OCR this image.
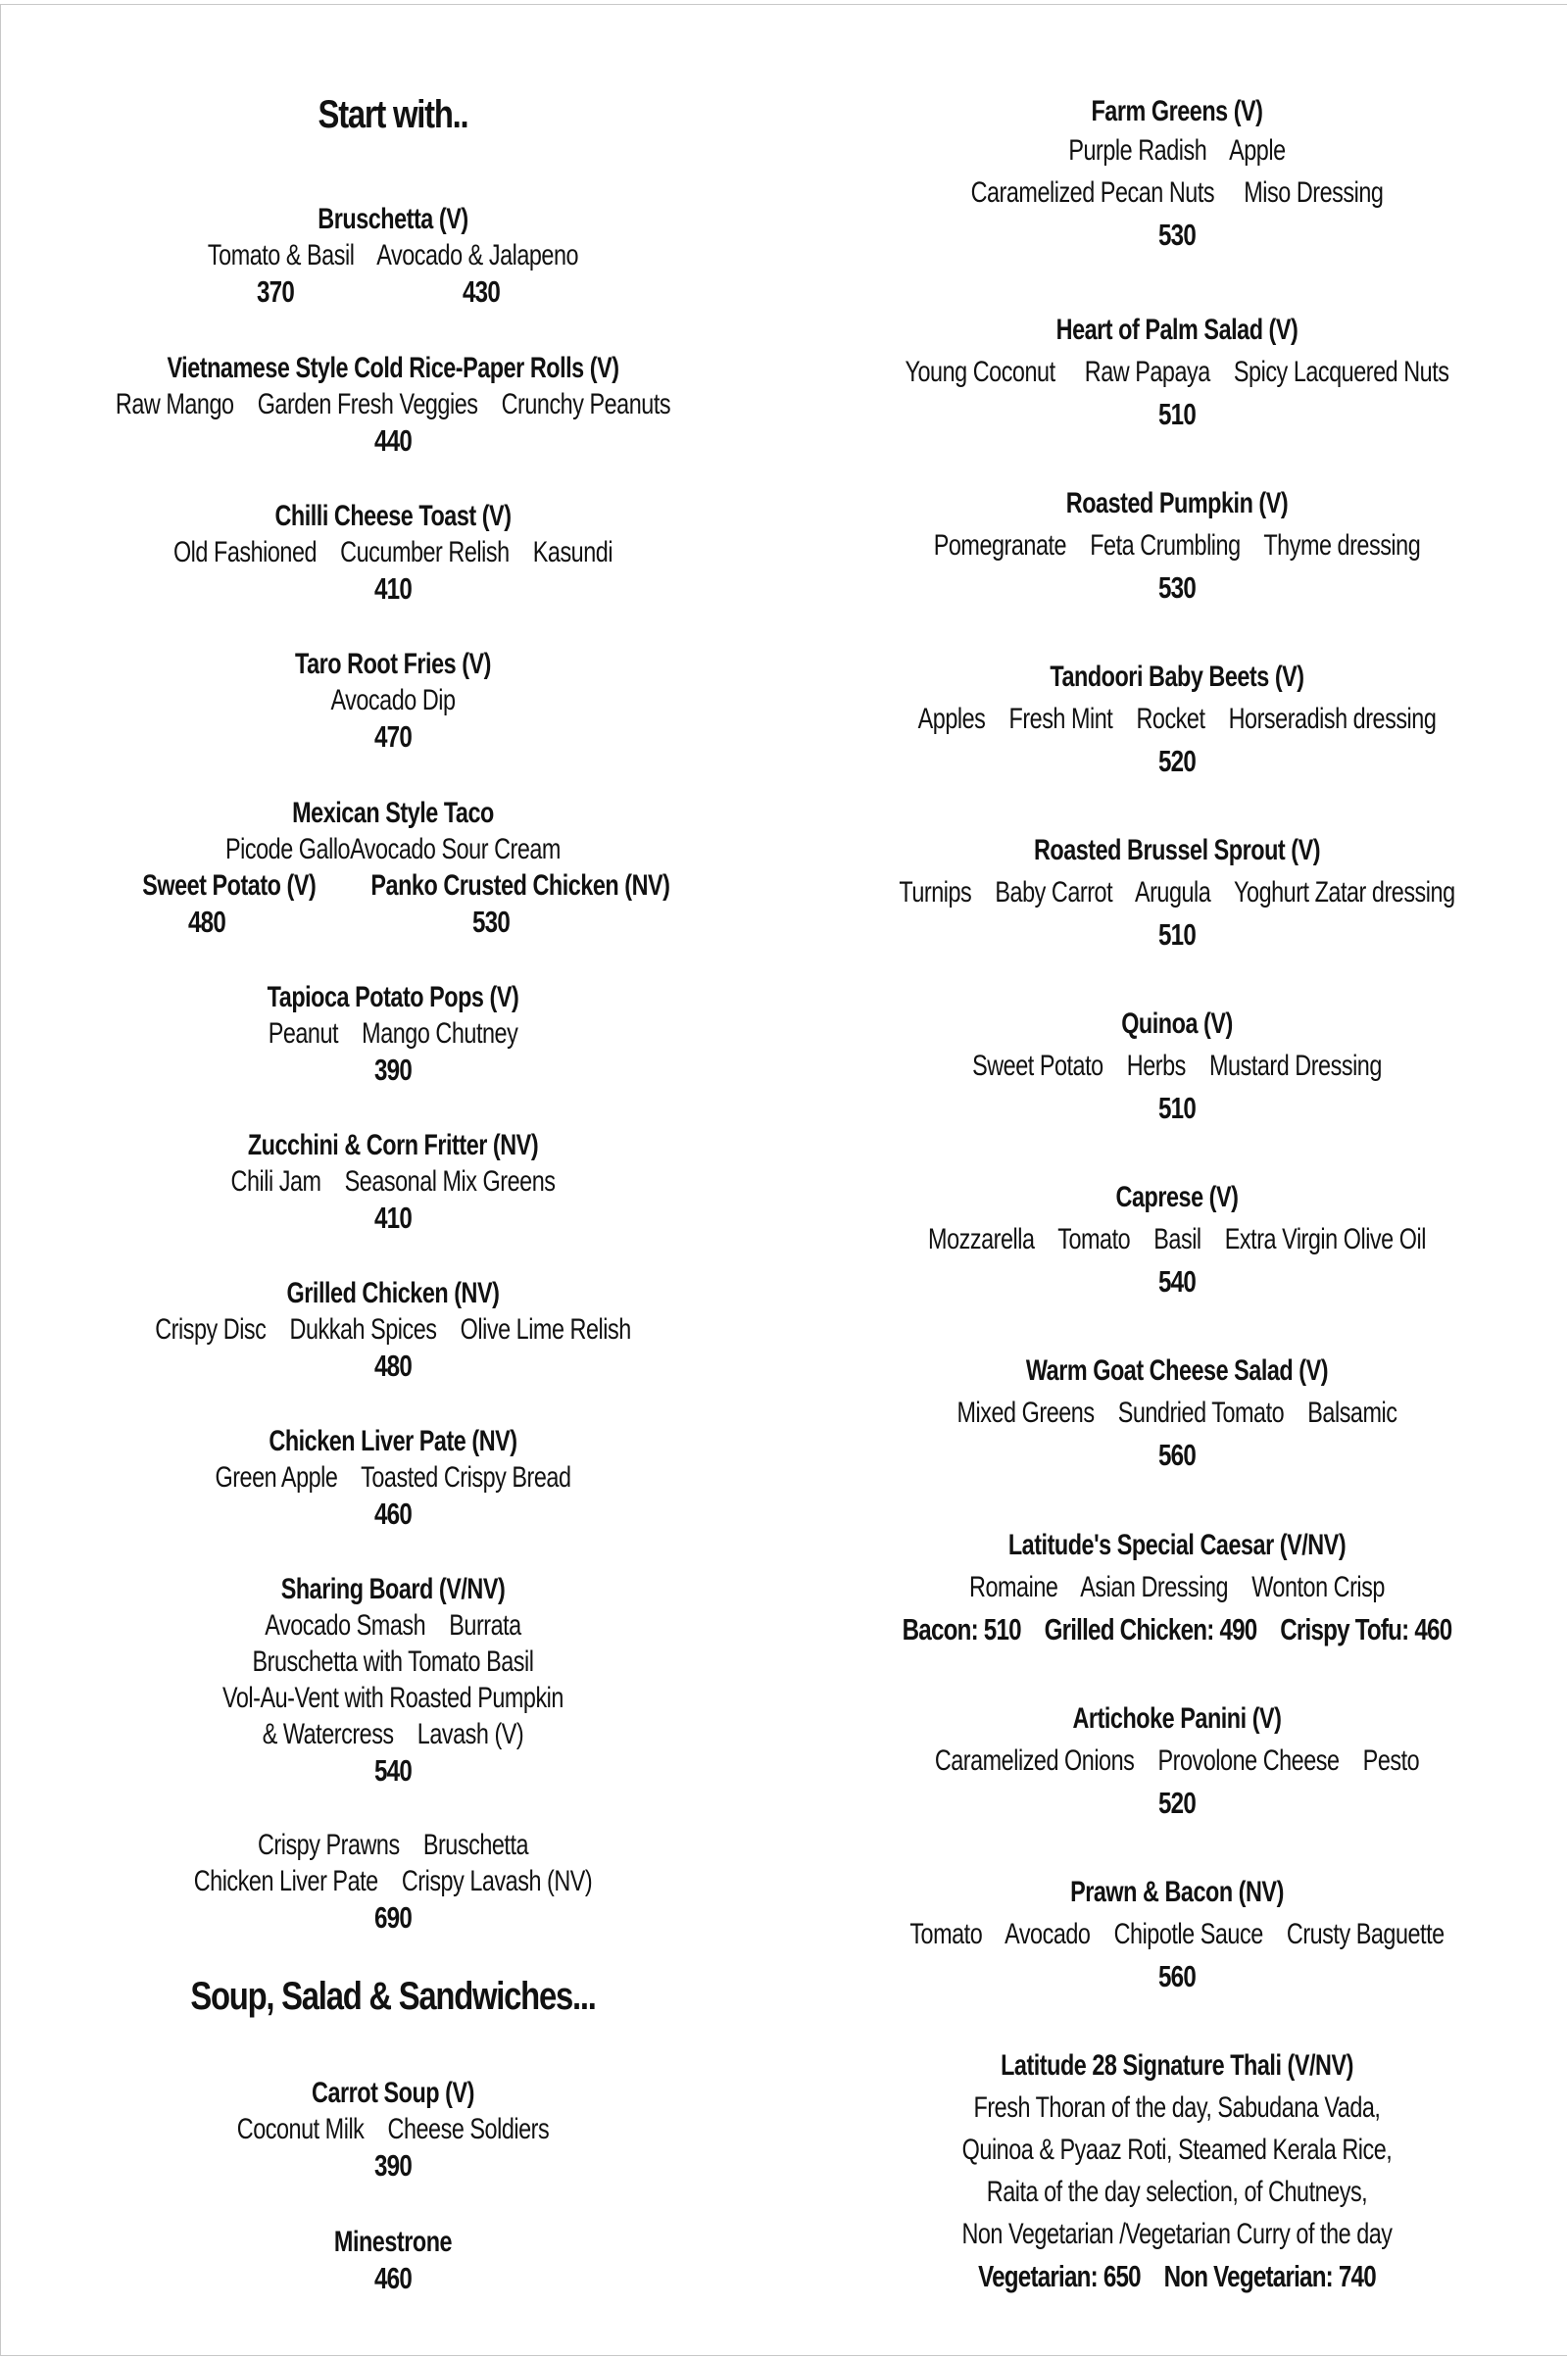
Start with..
Bruschetta (V)
Tomato & Basil    Avocado & Jalapeno
370	430
Vietnamese Style Cold Rice-Paper Rolls (V)
Raw Mango    Garden Fresh Veggies    Crunchy Peanuts
440
Chilli Cheese Toast (V)
Old Fashioned    Cucumber Relish    Kasundi
410
Taro Root Fries (V)
Avocado Dip
470
Mexican Style Taco
Picode GalloAvocado Sour Cream
Sweet Potato (V) Panko Crusted Chicken (NV)
480	530
Tapioca Potato Pops (V)
Peanut    Mango Chutney
390
Zucchini & Corn Fritter (NV)
Chili Jam    Seasonal Mix Greens
410
Grilled Chicken (NV)
Crispy Disc    Dukkah Spices    Olive Lime Relish
480
Chicken Liver Pate (NV)
Green Apple    Toasted Crispy Bread
460
Sharing Board (V/NV)
Avocado Smash    Burrata
Bruschetta with Tomato Basil
Vol-Au-Vent with Roasted Pumpkin
& Watercress    Lavash (V)
540
Crispy Prawns    Bruschetta
Chicken Liver Pate    Crispy Lavash (NV)
690
Soup, Salad & Sandwiches...
Carrot Soup (V)
Coconut Milk    Cheese Soldiers
390
Minestrone
460
Farm Greens (V)
Purple Radish    Apple
Caramelized Pecan Nuts     Miso Dressing
530
Heart of Palm Salad (V)
Young Coconut     Raw Papaya    Spicy Lacquered Nuts
510
Roasted Pumpkin (V)
Pomegranate    Feta Crumbling    Thyme dressing
530
Tandoori Baby Beets (V)
Apples    Fresh Mint    Rocket    Horseradish dressing
520
Roasted Brussel Sprout (V)
Turnips    Baby Carrot    Arugula    Yoghurt Zatar dressing
510
Quinoa (V)
Sweet Potato    Herbs    Mustard Dressing
510
Caprese (V)
Mozzarella    Tomato    Basil    Extra Virgin Olive Oil
540
Warm Goat Cheese Salad (V)
Mixed Greens    Sundried Tomato    Balsamic
560
Latitude's Special Caesar (V/NV)
Romaine    Asian Dressing    Wonton Crisp
Bacon: 510    Grilled Chicken: 490    Crispy Tofu: 460
Artichoke Panini (V)
Caramelized Onions    Provolone Cheese    Pesto
520
Prawn & Bacon (NV)
Tomato    Avocado    Chipotle Sauce    Crusty Baguette
560
Latitude 28 Signature Thali (V/NV)
Fresh Thoran of the day, Sabudana Vada,
Quinoa & Pyaaz Roti, Steamed Kerala Rice,
Raita of the day selection, of Chutneys,
Non Vegetarian /Vegetarian Curry of the day
Vegetarian: 650    Non Vegetarian: 740
